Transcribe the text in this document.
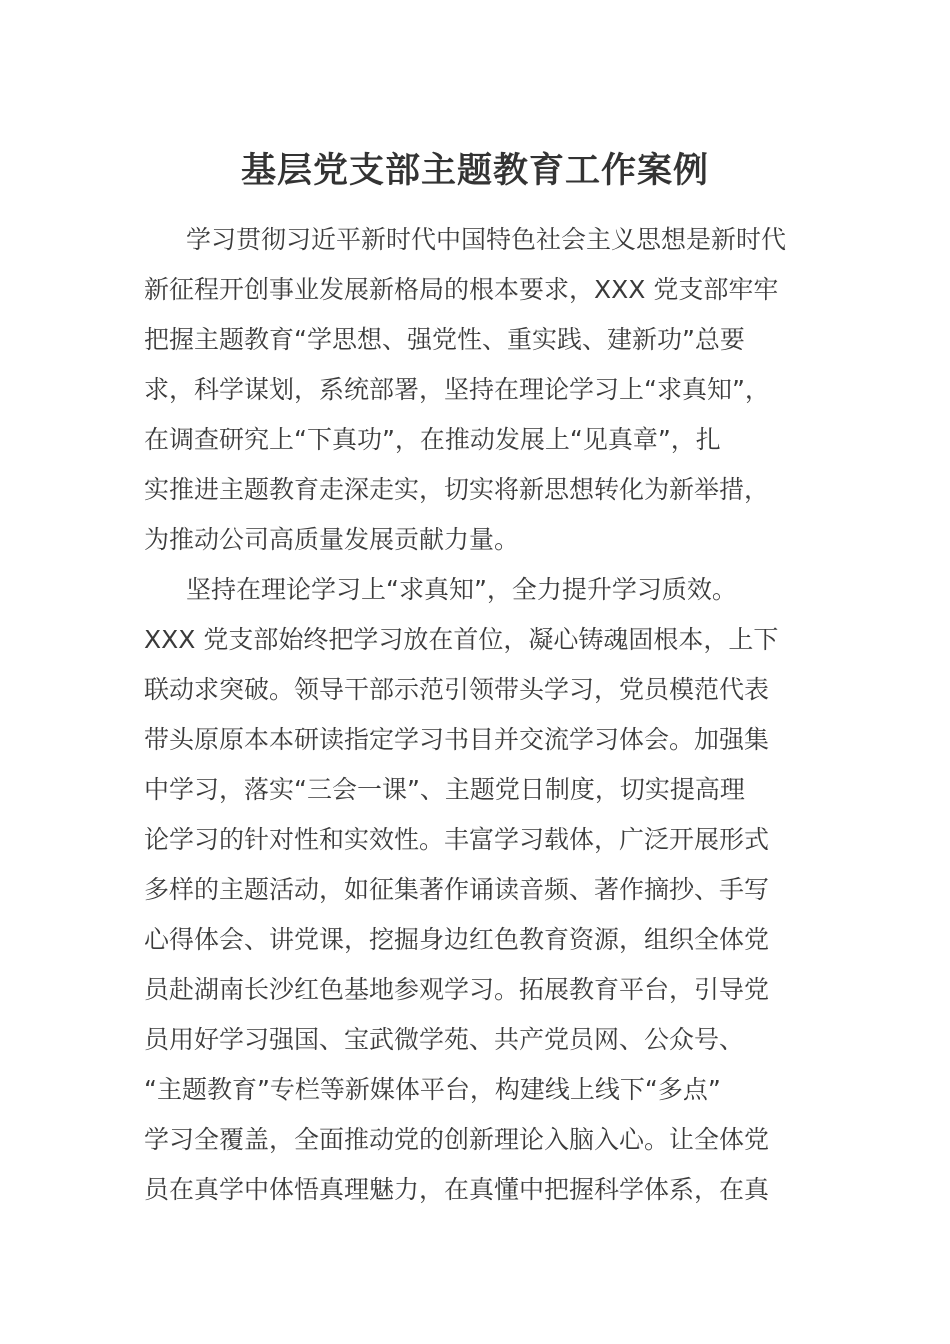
基层党支部主题教育工作案例
学习贯彻习近平新时代中国特色社会主义思想是新时代
新征程开创事业发展新格局的根本要求，XXX 党支部牢牢
把握主题教育“学思想、强党性、重实践、建新功”总要
求，科学谋划，系统部署，坚持在理论学习上“求真知”，
在调查研究上“下真功”，在推动发展上“见真章”，扎
实推进主题教育走深走实，切实将新思想转化为新举措，
为推动公司高质量发展贡献力量。
坚持在理论学习上“求真知”，全力提升学习质效。
XXX 党支部始终把学习放在首位，凝心铸魂固根本，上下
联动求突破。领导干部示范引领带头学习，党员模范代表
带头原原本本研读指定学习书目并交流学习体会。加强集
中学习，落实“三会一课”、主题党日制度，切实提高理
论学习的针对性和实效性。丰富学习载体，广泛开展形式
多样的主题活动，如征集著作诵读音频、著作摘抄、手写
心得体会、讲党课，挖掘身边红色教育资源，组织全体党
员赴湖南长沙红色基地参观学习。拓展教育平台，引导党
员用好学习强国、宝武微学苑、共产党员网、公众号、
“主题教育”专栏等新媒体平台，构建线上线下“多点”
学习全覆盖，全面推动党的创新理论入脑入心。让全体党
员在真学中体悟真理魅力，在真懂中把握科学体系，在真
